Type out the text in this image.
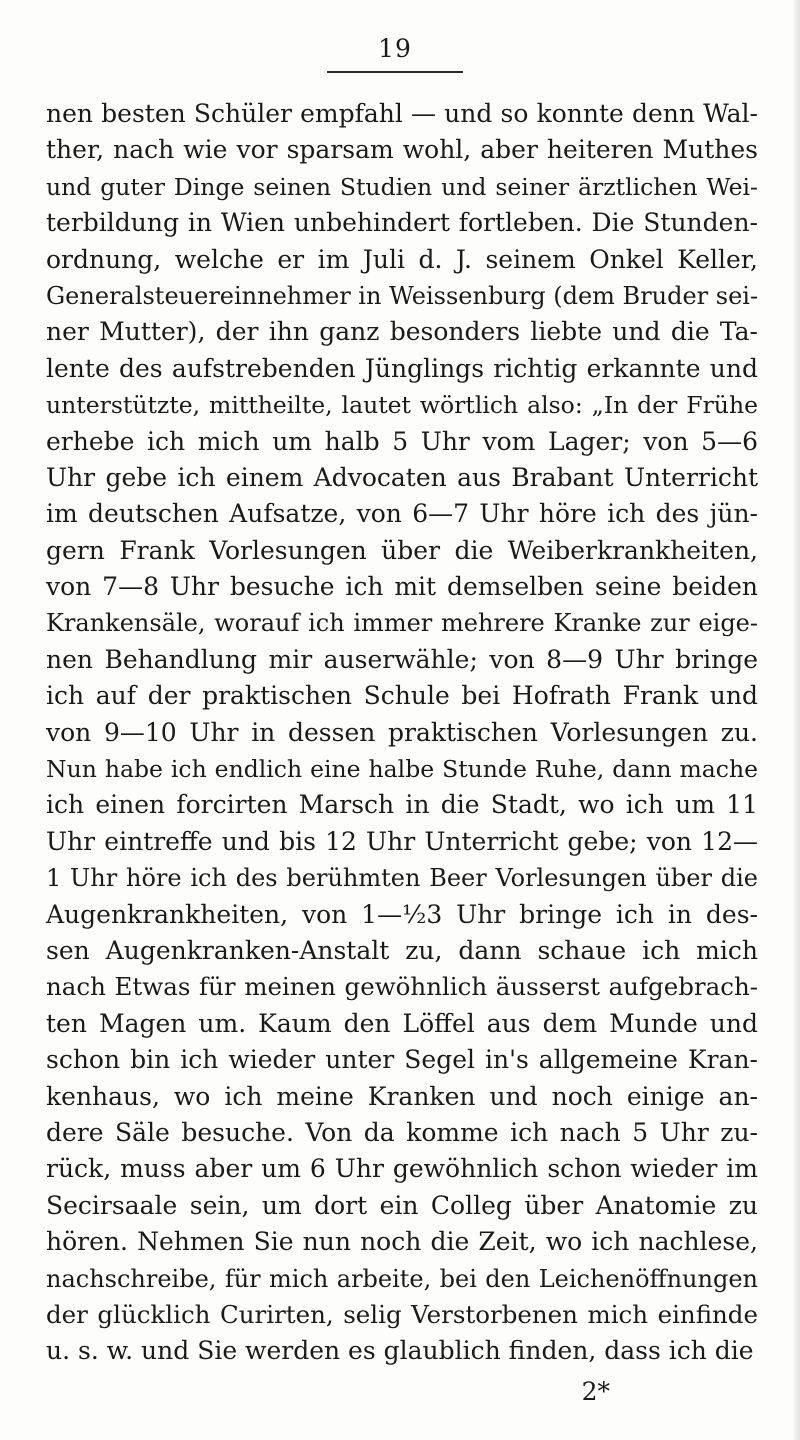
19
nen besten Schüler empfahl — und so konnte denn Wal-
ther, nach wie vor sparsam wohl, aber heiteren Muthes
und guter Dinge seinen Studien und seiner ärztlichen Wei-
terbildung in Wien unbehindert fortleben. Die Stunden-
ordnung, welche er im Juli d. J. seinem Onkel Keller,
Generalsteuereinnehmer in Weissenburg (dem Bruder sei-
ner Mutter), der ihn ganz besonders liebte und die Ta-
lente des aufstrebenden Jünglings richtig erkannte und
unterstützte, mittheilte, lautet wörtlich also: „In der Frühe
erhebe ich mich um halb 5 Uhr vom Lager; von 5—6
Uhr gebe ich einem Advocaten aus Brabant Unterricht
im deutschen Aufsatze, von 6—7 Uhr höre ich des jün-
gern Frank Vorlesungen über die Weiberkrankheiten,
von 7—8 Uhr besuche ich mit demselben seine beiden
Krankensäle, worauf ich immer mehrere Kranke zur eige-
nen Behandlung mir auserwähle; von 8—9 Uhr bringe
ich auf der praktischen Schule bei Hofrath Frank und
von 9—10 Uhr in dessen praktischen Vorlesungen zu.
Nun habe ich endlich eine halbe Stunde Ruhe, dann mache
ich einen forcirten Marsch in die Stadt, wo ich um 11
Uhr eintreffe und bis 12 Uhr Unterricht gebe; von 12—
1 Uhr höre ich des berühmten Beer Vorlesungen über die
Augenkrankheiten, von 1—½3 Uhr bringe ich in des-
sen Augenkranken-Anstalt zu, dann schaue ich mich
nach Etwas für meinen gewöhnlich äusserst aufgebrach-
ten Magen um. Kaum den Löffel aus dem Munde und
schon bin ich wieder unter Segel in's allgemeine Kran-
kenhaus, wo ich meine Kranken und noch einige an-
dere Säle besuche. Von da komme ich nach 5 Uhr zu-
rück, muss aber um 6 Uhr gewöhnlich schon wieder im
Secirsaale sein, um dort ein Colleg über Anatomie zu
hören. Nehmen Sie nun noch die Zeit, wo ich nachlese,
nachschreibe, für mich arbeite, bei den Leichenöffnungen
der glücklich Curirten, selig Verstorbenen mich einfinde
u. s. w. und Sie werden es glaublich finden, dass ich die
2*
